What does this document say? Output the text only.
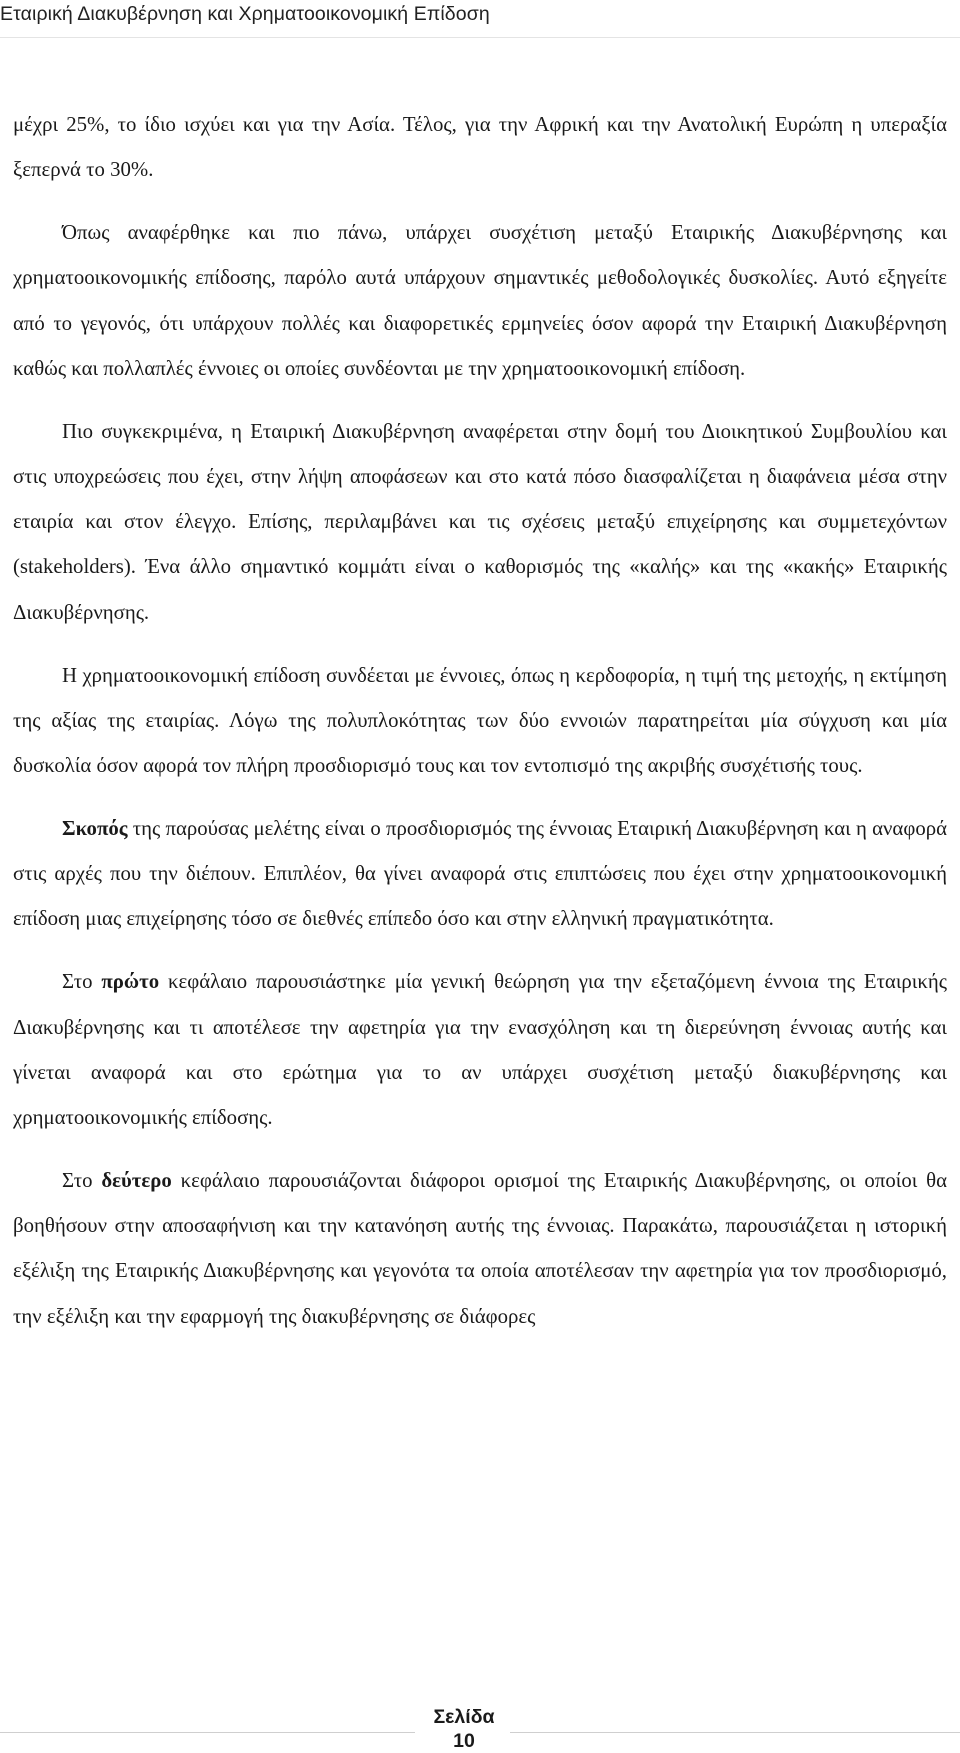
Εταιρική Διακυβέρνηση και Χρηματοοικονομική Επίδοση

μέχρι 25%, το ίδιο ισχύει και για την Ασία. Τέλος, για την Αφρική και την Ανατολική Ευρώπη η υπεραξία ξεπερνά το 30%.

Όπως αναφέρθηκε και πιο πάνω, υπάρχει συσχέτιση μεταξύ Εταιρικής Διακυβέρνησης και χρηματοοικονομικής επίδοσης, παρόλο αυτά υπάρχουν σημαντικές μεθοδολογικές δυσκολίες. Αυτό εξηγείτε από το γεγονός, ότι υπάρχουν πολλές και διαφορετικές ερμηνείες όσον αφορά την Εταιρική Διακυβέρνηση καθώς και πολλαπλές έννοιες οι οποίες συνδέονται με την χρηματοοικονομική επίδοση.

Πιο συγκεκριμένα, η Εταιρική Διακυβέρνηση αναφέρεται στην δομή του Διοικητικού Συμβουλίου και στις υποχρεώσεις που έχει, στην λήψη αποφάσεων και στο κατά πόσο διασφαλίζεται η διαφάνεια μέσα στην εταιρία και στον έλεγχο. Επίσης, περιλαμβάνει και τις σχέσεις μεταξύ επιχείρησης και συμμετεχόντων (stakeholders). Ένα άλλο σημαντικό κομμάτι είναι ο καθορισμός της «καλής» και της «κακής» Εταιρικής Διακυβέρνησης.

Η χρηματοοικονομική επίδοση συνδέεται με έννοιες, όπως η κερδοφορία, η τιμή της μετοχής, η εκτίμηση της αξίας της εταιρίας. Λόγω της πολυπλοκότητας των δύο εννοιών παρατηρείται μία σύγχυση και μία δυσκολία όσον αφορά τον πλήρη προσδιορισμό τους και τον εντοπισμό της ακριβής συσχέτισής τους.

Σκοπός της παρούσας μελέτης είναι ο προσδιορισμός της έννοιας Εταιρική Διακυβέρνηση και η αναφορά στις αρχές που την διέπουν. Επιπλέον, θα γίνει αναφορά στις επιπτώσεις που έχει στην χρηματοοικονομική επίδοση μιας επιχείρησης τόσο σε διεθνές επίπεδο όσο και στην ελληνική πραγματικότητα.

Στο πρώτο κεφάλαιο παρουσιάστηκε μία γενική θεώρηση για την εξεταζόμενη έννοια της Εταιρικής Διακυβέρνησης και τι αποτέλεσε την αφετηρία για την ενασχόληση και τη διερεύνηση έννοιας αυτής και γίνεται αναφορά και στο ερώτημα για το αν υπάρχει συσχέτιση μεταξύ διακυβέρνησης και χρηματοοικονομικής επίδοσης.

Στο δεύτερο κεφάλαιο παρουσιάζονται διάφοροι ορισμοί της Εταιρικής Διακυβέρνησης, οι οποίοι θα βοηθήσουν στην αποσαφήνιση και την κατανόηση αυτής της έννοιας. Παρακάτω, παρουσιάζεται η ιστορική εξέλιξη της Εταιρικής Διακυβέρνησης και γεγονότα τα οποία αποτέλεσαν την αφετηρία για τον προσδιορισμό, την εξέλιξη και την εφαρμογή της διακυβέρνησης σε διάφορες

Σελίδα
10
